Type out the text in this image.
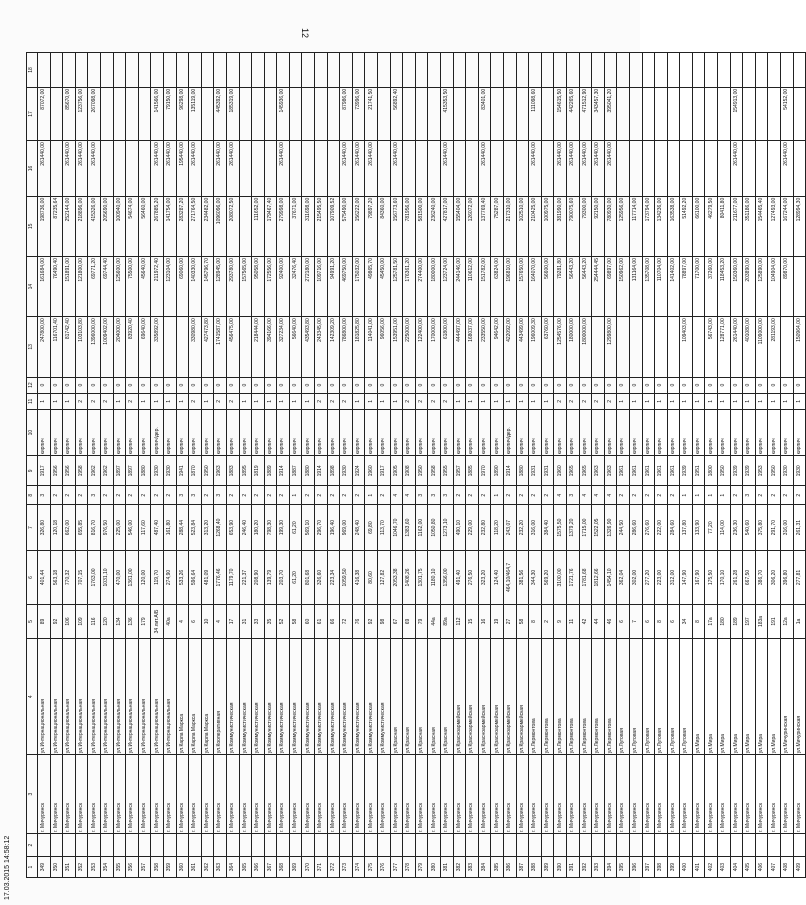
12
1	2	3	4	5	6	7	8	9	10	11	12	13	14	15	16	17	18
349		г. Мичуринск	ул.Интернациональная	89	401,44	326,80	3	1917	кирпич	1	0	247800,00	161684,00	198736,00	261440,00	87072,00	
350		г. Мичуринск	ул.Интернациональная	92	563,18	120,18	2	1956	кирпич	1	0	116701,40	76490,40	87235,64			
351		г. Мичуринск	ул.Интернациональная	106	770,32	662,00	2	1956	кирпич	1	0	81742,40	151891,00	252144,00	261440,00	85670,00	
352		г. Мичуринск	ул.Интернациональная	109	707,15	655,85	2	1958	кирпич	2	0	103103,80	121800,00	218896,00	261440,00	123756,00	
353		г. Мичуринск	ул.Интернациональная	116	1763,00	816,70	3	1962	кирпич	2	0	1396000,00	69771,20	415326,00	261440,00	267098,00	
354		г. Мичуринск	ул.Интернациональная	120	1031,10	976,50	2	1962	кирпич	2	0	1009402,00	69744,40	205690,00			
355		г. Мичуринск	ул.Интернациональная	134	470,00	225,00	2	1897	кирпич	1	0	204000,00	125600,00	100940,00			
356		г. Мичуринск	ул.Интернациональная	136	1361,00	546,00	2	1897	кирпич	2	0	83920,40	75500,00	54674,00			
357		г. Мичуринск	ул.Интернациональная	179	120,00	117,60	2	1880	кирпич	1	0	69640,00	45640,00	56460,00			
358		г. Мичуринск	ул.Интернациональная	34 лит.А/Б	119,70	487,40	2	1930	кирпич/дер.	1	0	335892,00	211972,40	267885,20	261440,00	141566,00	
359		г. Мичуринск	ул.Интернациональная	40а	274,90	161,80	2	1930	кирпич	1	0		123104,00	141754,00	261440,00	79150,00	
360		г. Мичуринск	ул.Карла Маркса	4	533,26	288,44	3	1941	кирпич	1	0		69060,00	283287,20	195440,00	96298,00	
361		г. Мичуринск	ул.Карла Маркса	6	596,64	523,84	3	1870	кирпич	2	0	330980,00	140330,00	271764,50	261440,00	135119,00	
362		г. Мичуринск	ул.Карла Маркса	10	481,09	313,20	2	1950	кирпич	1	0	427473,80	145796,70	234482,00			
363		г. Мичуринск	ул.Кооперативная	4	1776,46	1268,40	3	1963	кирпич	2	0	1741587,00	128945,00	1096096,00	261440,00	445392,00	
364		г. Мичуринск	ул.Коммунистическая	17	1179,70	653,90	2	1883	кирпич	2	0	456475,00	293780,00	208072,50	261440,00	185319,00	
365		г. Мичуринск	ул.Коммунистическая	31	221,37	246,40	2	1895	кирпич	1	0		157565,00				
366		г. Мичуринск	ул.Коммунистическая	33	208,90	180,20	2	1819	кирпич	1	0	218444,00	95058,00	111652,00			
367		г. Мичуринск	ул.Коммунистическая	35	139,79	798,30	2	1889	кирпич	1	0	394166,00	172556,00	179467,40			
368		г. Мичуринск	ул.Коммунистическая	52	203,70	199,30	2	1914	кирпич	1	0	327234,00	92400,00	279998,00	261440,00	145936,00	
369		г. Мичуринск	ул.Коммунистическая	58	61,20	61,20	1	1887	кирпич	1	0	56640,00	32476,40	37671,00			
370		г. Мичуринск	ул.Коммунистическая	60	801,68	569,10	2	1880	кирпич	1	0	435493,80	272180,00	311698,00			
371		г. Мичуринск	ул.Коммунистическая	61	326,60	296,70	2	1914	кирпич	2	0	243345,00	109716,00	215495,50			
372		г. Мичуринск	ул.Коммунистическая	66	223,34	196,40	2	1898	кирпич	2	0	142309,20	94991,20	107909,52			
373		г. Мичуринск	ул.Коммунистическая	72	1059,50	969,00	2	1930	кирпич	2	0	786800,00	469750,00	575490,00	261440,00	87986,00	
374		г. Мичуринск	ул.Коммунистическая	76	416,38	248,40	2	1924	кирпич	1	0	181825,80	175032,00	156222,00	261440,00	73996,00	
375		г. Мичуринск	ул.Коммунистическая	92	80,60	69,80	1	1960	кирпич	1	0	114041,00	49865,70	79897,20	261440,00	21741,50	
376		г. Мичуринск	ул.Коммунистическая	98	127,82	113,70	2	1917	кирпич	1	0	96056,00	45450,00	84360,00			
377		г. Мичуринск	ул.Красная	67	2053,38	1046,70	4	1905	кирпич	1	0	153951,00	125781,50	156773,60	261440,00	56892,40	
378		г. Мичуринск	ул.Красная	69	1408,26	1383,60	4	1908	кирпич	2	0	225000,00	176361,20	781956,00			
379		г. Мичуринск	ул.Красная	79	1301,75	1162,00	3	1950	кирпич	2	0	122400,00	274400,00	581500,00			
380		г. Мичуринск	ул.Красная	44а	1180,10	1050,80	3	1958	кирпич	2	0	170000,00	180000,00	236240,00			
381		г. Мичуринск	ул.Красная	89а	1356,00	1273,10	3	1955	кирпич	2	0	61800,00	123724,00	427817,00	261440,00	415353,50	
382		г. Мичуринск	ул.Красноармейская	112	491,40	490,10	2	1957	кирпич	1	0	444497,00	244146,00	155404,00			
383		г. Мичуринск	ул.Красноармейская	15	276,50	229,00	2	1885	кирпич	1	0	168037,00	110612,00	126072,00			
384		г. Мичуринск	ул.Красноармейская	16	323,20	232,80	2	1970	кирпич	1	0	233550,00	151782,00	137769,40	261440,00	83401,00	
385		г. Мичуринск	ул.Красноармейская	19	124,40	118,20	1	1890	кирпич	1	0	94642,00	63824,00	75287,00			
386		г. Мичуринск	ул.Красноармейская	27	464,10/464,7	243,07	2	1914	кирпич/дер.	1	0	422092,00	196810,00	217310,00			
387		г. Мичуринск	ул.Красноармейская	58	381,56	232,20	2	1880	кирпич	1	0	443499,00	157650,00	102510,00			
388		г. Мичуринск	ул.Лермонтова	8	344,30	316,00	2	1931	кирпич	1	0	196009,30	164070,00	210425,00	261440,00	111098,60	
389		г. Мичуринск	ул.Лермонтова	2	569,20	384,40	2	1931	кирпич	1	0	63760,00	56600,00	100975,00			
390		г. Мичуринск	ул.Лермонтова	9	3100,00	1575,50	4	1960	кирпич	2	0	1254576,00	79281,80	381990,00	261440,00	154615,50	
391		г. Мичуринск	ул.Лермонтова	11	1721,76	1379,20	3	1965	кирпич	2	0	180000,00	56443,20	790075,60	261440,00	442265,60	
392		г. Мичуринск	ул.Лермонтова	42	1781,68	1715,00	4	1965	кирпич	2	0	1800000,00	56443,20	79300,00	261440,00	471512,90	
393		г. Мичуринск	ул.Лермонтова	44	1812,66	1522,05	4	1963	кирпич	2	0		254444,45	92150,00	261440,00	343457,30	
394		г. Мичуринск	ул.Лермонтова	46	1454,10	1326,90	4	1963	кирпич	2	0	1299800,00	69897,00	780930,00	261440,00	395041,20	
395		г. Мичуринск	ул.Луговая	6	362,04	244,50	2	1961	кирпич	1	0		150962,00	125956,00			
396		г. Мичуринск	ул.Луговая	7	302,00	286,60	2	1961	кирпич	1	0		131164,00	117714,00			
397		г. Мичуринск	ул.Луговая	6	277,20	276,60	2	1961	кирпич	1	0		135708,00	173794,00			
398		г. Мичуринск	ул.Луговая	8	223,00	222,00	2	1961	кирпич	1	0		110704,00	134236,00			
399		г. Мичуринск	ул.Луговая	6	312,00	284,60	2	1961	кирпич	1	0		141402,00	163538,00			
400		г. Мичуринск	ул.Луговая	34	147,90	137,80	1	1939	кирпич	1	0	109403,00	78897,00	51492,20			
401		г. Мичуринск	ул.Мира	8	167,90	133,90	1	1951	кирпич	1	0		71700,00	66100,00			
402		г. Мичуринск	ул.Мира	17а	175,50	77,20	1	1800	кирпич	1	0	56743,00	37260,00	46279,50			
403		г. Мичуринск	ул.Мира	180	170,10	114,00	1	1950	кирпич	1	0	128771,00	118453,20	80411,80			
404		г. Мичуринск	ул.Мира	189	261,28	236,30	2	1939	кирпич	1	0	261440,00	150360,00	211677,00	261440,00	154913,00	
405		г. Мичуринск	ул.Мира	197	667,50	540,60	3	1939	кирпич	1	0	401080,00	203890,00	351186,00			
406		г. Мичуринск	ул.Мира	183а	386,70	375,80	2	1953	кирпич	1	0	1109000,00	125890,00	154465,40			
407		г. Мичуринск	ул.Мира	191	306,20	291,70	2	1950	кирпич	1	0	281193,00	104904,00	127493,00			
408		г. Мичуринск	ул.Мичуринская	12а	396,80	316,00	2	1930	кирпич	1	0		89870,00	167244,00	261440,00	54152,00	
409		г. Мичуринск	ул.Мичуринская	1а	277,81	261,31	2	1930	кирпич	1	0	150964,00		128994,30			
17.03.2015 14:58:12
